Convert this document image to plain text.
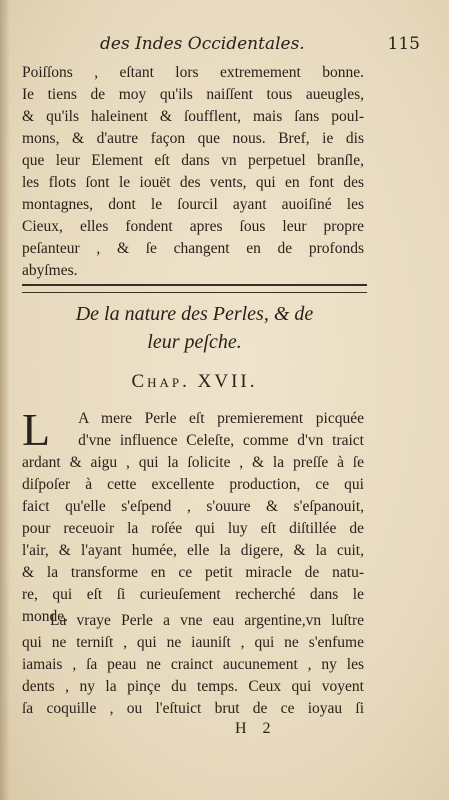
des Indes Occidentales.	115
Poiſſons , eſtant lors extremement bonne.
Ie tiens de moy qu'ils naiſſent tous aueugles,
& qu'ils haleinent & ſoufflent, mais ſans poul-
mons, & d'autre façon que nous. Bref, ie dis
que leur Element eſt dans vn perpetuel branſle,
les flots ſont le iouët des vents, qui en font des
montagnes, dont le ſourcil ayant auoiſiné les
Cieux, elles fondent apres ſous leur propre
peſanteur , & ſe changent en de profonds
abyſmes.
De la nature des Perles, & de
leur peſche.
Chap. XVII.
L	A mere Perle eſt premierement picquée
d'vne influence Celeſte, comme d'vn traict
ardant & aigu , qui la ſolicite , & la preſſe à ſe
diſpoſer à cette excellente production, ce qui
faict qu'elle s'eſpend , s'ouure & s'eſpanouit,
pour receuoir la roſée qui luy eſt diſtillée de
l'air, & l'ayant humée, elle la digere, & la cuit,
& la transforme en ce petit miracle de natu-
re, qui eſt ſi curieuſement recherché dans le
monde.
La vraye Perle a vne eau argentine,vn luſtre
qui ne terniſt , qui ne iauniſt , qui ne s'enfume
iamais , ſa peau ne crainct aucunement , ny les
dents , ny la pinçe du temps. Ceux qui voyent
ſa coquille , ou l'eſtuict brut de ce ioyau ſi
H 2
